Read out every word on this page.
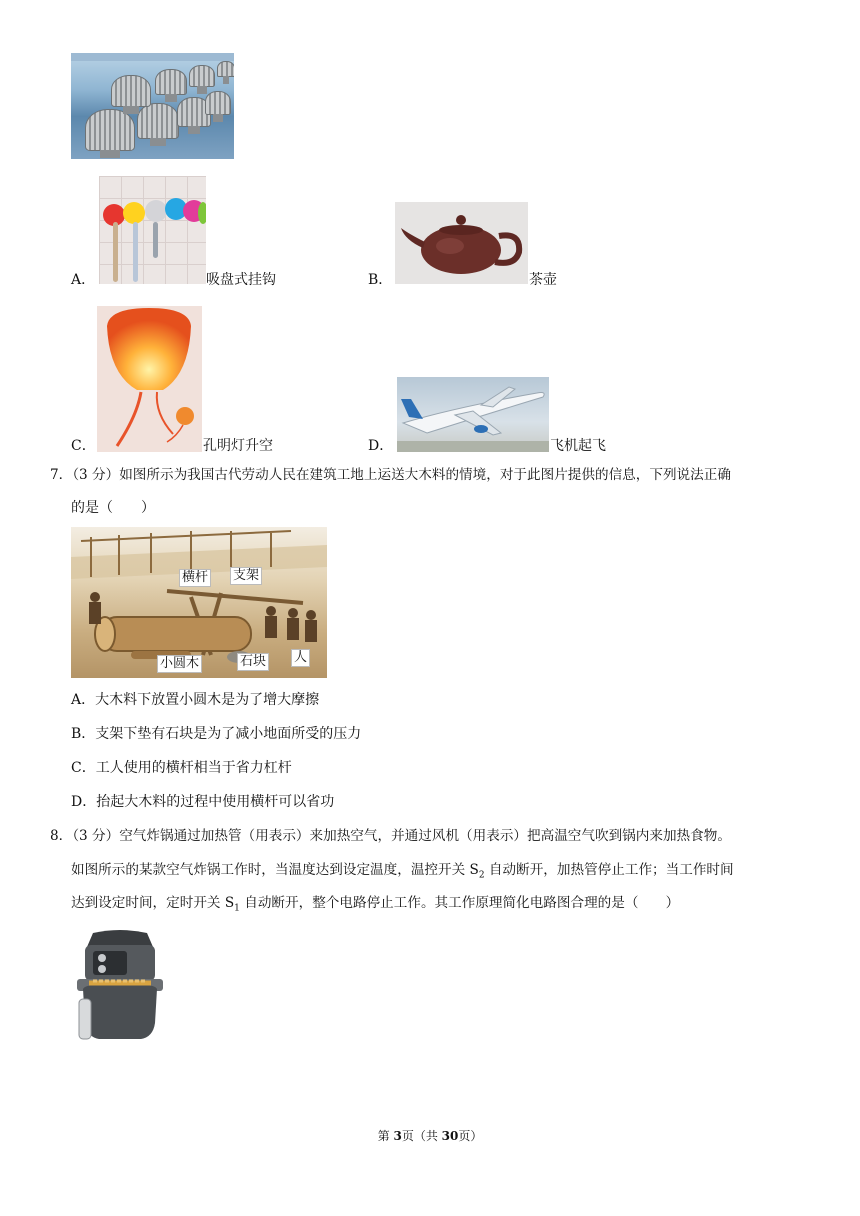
A．	吸盘式挂钩	B．	茶壶
C．	孔明灯升空	D．	飞机起飞
7．（3 分）如图所示为我国古代劳动人民在建筑工地上运送大木料的情境，对于此图片提供的信息，下列说法正确
的是（　　）
横杆 支架
小圆木	石块 人
A．大木料下放置小圆木是为了增大摩擦
B．支架下垫有石块是为了减小地面所受的压力
C．工人使用的横杆相当于省力杠杆
D．抬起大木料的过程中使用横杆可以省功
8．（3 分）空气炸锅通过加热管（用表示）来加热空气，并通过风机（用表示）把高温空气吹到锅内来加热食物。
如图所示的某款空气炸锅工作时，当温度达到设定温度，温控开关 $S_2$ 自动断开，加热管停止工作；当工作时间
达到设定时间，定时开关 $S_1$ 自动断开，整个电路停止工作。其工作原理简化电路图合理的是（　　）
第 3页（共 30页）
